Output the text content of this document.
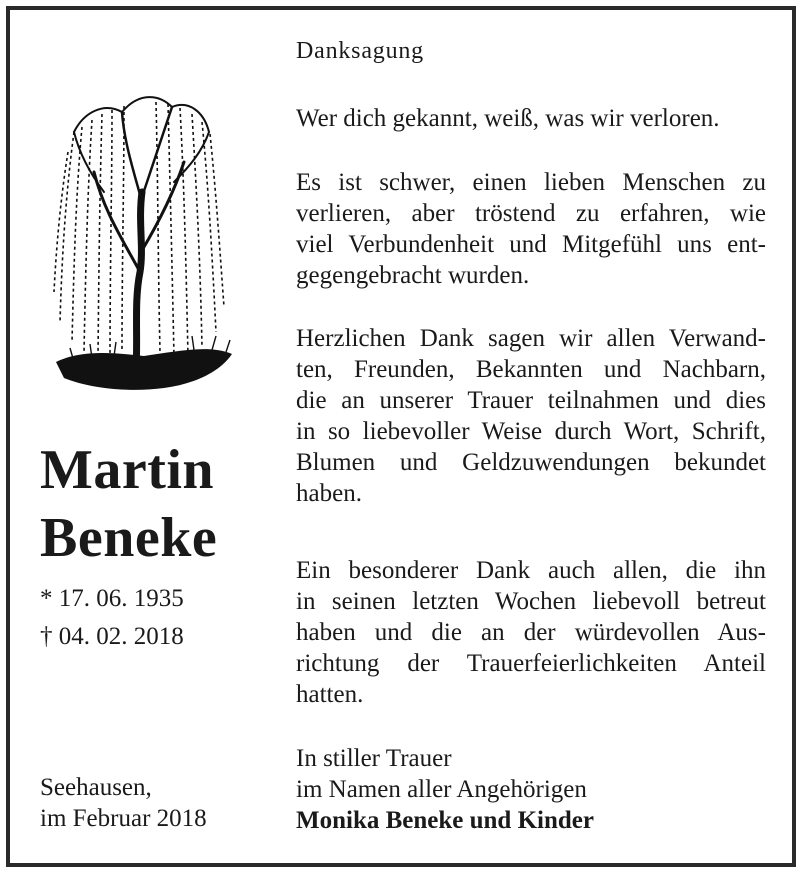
Martin
Beneke
* 17. 06. 1935
† 04. 02. 2018
Seehausen,
im Februar 2018
Danksagung
Wer dich gekannt, weiß, was wir verloren.
Es ist schwer, einen lieben Menschen zu
verlieren, aber tröstend zu erfahren, wie
viel Verbundenheit und Mitgefühl uns ent-
gegengebracht wurden.
Herzlichen Dank sagen wir allen Verwand-
ten, Freunden, Bekannten und Nachbarn,
die an unserer Trauer teilnahmen und dies
in so liebevoller Weise durch Wort, Schrift,
Blumen und Geldzuwendungen bekundet
haben.
Ein besonderer Dank auch allen, die ihn
in seinen letzten Wochen liebevoll betreut
haben und die an der würdevollen Aus-
richtung der Trauerfeierlichkeiten Anteil
hatten.
In stiller Trauer
im Namen aller Angehörigen
Monika Beneke und Kinder
